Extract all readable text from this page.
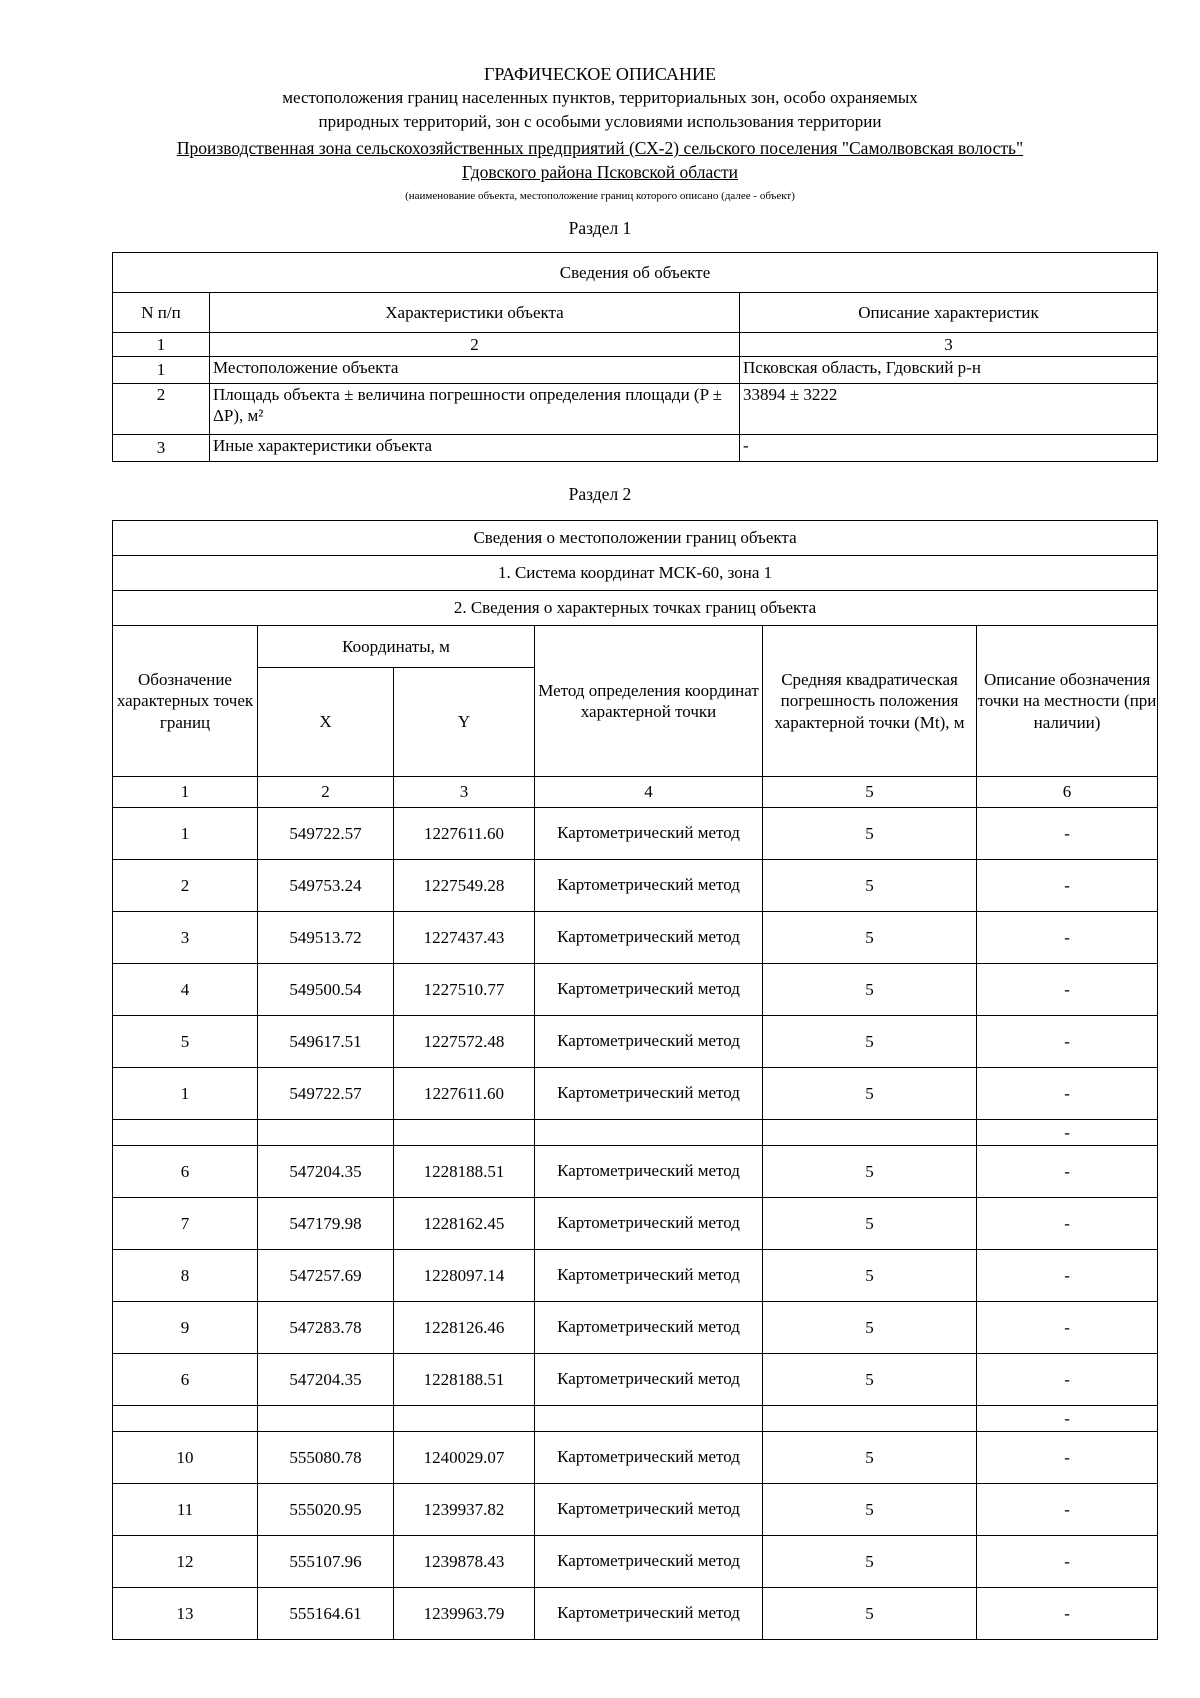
ГРАФИЧЕСКОЕ ОПИСАНИЕ
местоположения границ населенных пунктов, территориальных зон, особо охраняемых
природных территорий, зон с особыми условиями использования территории
Производственная зона сельскохозяйственных предприятий (СХ-2) сельского поселения "Самолвовская волость"
Гдовского района Псковской области
(наименование объекта, местоположение границ которого описано (далее - объект)
Раздел 1
Сведения об объекте		
N п/п	Характеристики объекта	Описание характеристик
1	2	3
1	Местоположение объекта	Псковская область, Гдовский р-н
2	Площадь объекта ± величина погрешности определения площади (P ± ΔP), м²	33894 ± 3222
3	Иные характеристики объекта	-
Раздел 2
Сведения о местоположении границ объекта					
1. Система координат МСК-60, зона 1					
2. Сведения о характерных точках границ объекта					
Обозначение характерных точек границ	Координаты, м		Метод определения координат характерной точки	Средняя квадратическая погрешность положения характерной точки (Mt), м	Описание обозначения точки на местности (при наличии)
	X	Y			
1	2	3	4	5	6
1	549722.57	1227611.60	Картометрический метод	5	-
2	549753.24	1227549.28	Картометрический метод	5	-
3	549513.72	1227437.43	Картометрический метод	5	-
4	549500.54	1227510.77	Картометрический метод	5	-
5	549617.51	1227572.48	Картометрический метод	5	-
1	549722.57	1227611.60	Картометрический метод	5	-
					-
6	547204.35	1228188.51	Картометрический метод	5	-
7	547179.98	1228162.45	Картометрический метод	5	-
8	547257.69	1228097.14	Картометрический метод	5	-
9	547283.78	1228126.46	Картометрический метод	5	-
6	547204.35	1228188.51	Картометрический метод	5	-
					-
10	555080.78	1240029.07	Картометрический метод	5	-
11	555020.95	1239937.82	Картометрический метод	5	-
12	555107.96	1239878.43	Картометрический метод	5	-
13	555164.61	1239963.79	Картометрический метод	5	-
